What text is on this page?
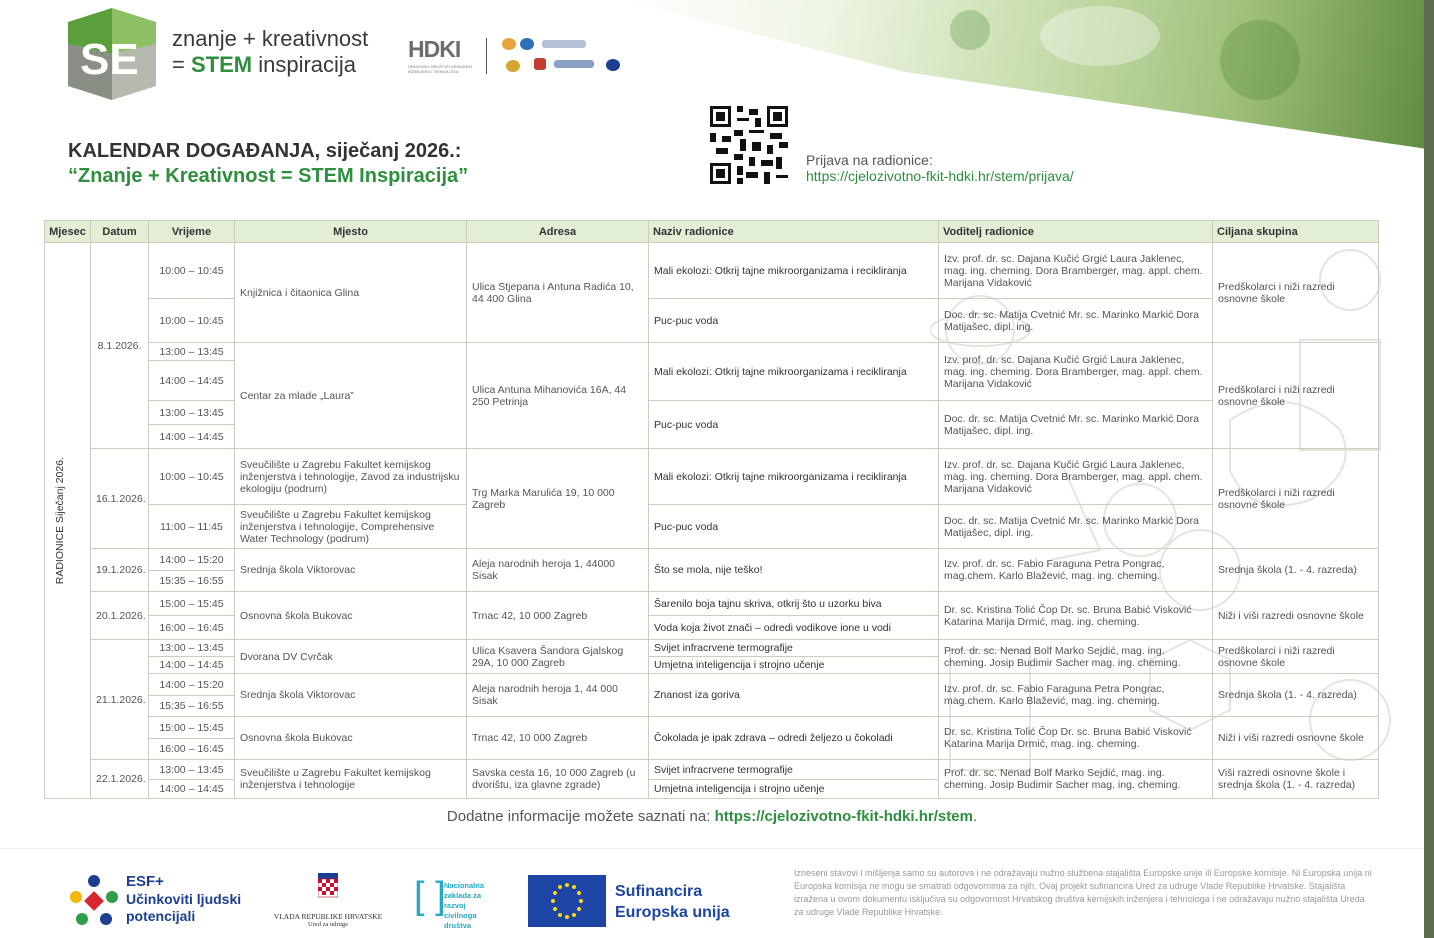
SE znanje + kreativnost
= STEM inspiracija
HDKI
HRVATSKO DRUŠTVO KEMIJSKIH INŽENJERA I TEHNOLOGA
KALENDAR DOGAĐANJA, siječanj 2026.:
“Znanje + Kreativnost = STEM Inspiracija”
Prijava na radionice:
https://cjelozivotno-fkit-hdki.hr/stem/prijava/
Mjesec	Datum	Vrijeme	Mjesto	Adresa	Naziv radionice	Voditelj radionice	Ciljana skupina

RADIONICE Siječanj 2026.	8.1.2026.	10:00 – 10:45	Knjižnica i čitaonica Glina	Ulica Stjepana i Antuna Radića 10, 44 400 Glina	Mali ekolozi: Otkrij tajne mikroorganizama i recikliranja	Izv. prof. dr. sc. Dajana Kučić Grgić Laura Jaklenec, mag. ing. cheming. Dora Bramberger, mag. appl. chem. Marijana Vidaković	Predškolarci i niži razredi osnovne škole
		10:00 – 10:45			Puc-puc voda	Doc. dr. sc. Matija Cvetnić Mr. sc. Marinko Markić Dora Matijašec, dipl. ing.	
		13:00 – 13:45	Centar za mlade „Laura”	Ulica Antuna Mihanovića 16A, 44 250 Petrinja	Mali ekolozi: Otkrij tajne mikroorganizama i recikliranja	Izv. prof. dr. sc. Dajana Kučić Grgić Laura Jaklenec, mag. ing. cheming. Dora Bramberger, mag. appl. chem. Marijana Vidaković	Predškolarci i niži razredi osnovne škole
		14:00 – 14:45					
		13:00 – 13:45			Puc-puc voda	Doc. dr. sc. Matija Cvetnić Mr. sc. Marinko Markić Dora Matijašec, dipl. ing.	
		14:00 – 14:45					
	16.1.2026.	10:00 – 10:45	Sveučilište u Zagrebu Fakultet kemijskog inženjerstva i tehnologije, Zavod za industrijsku ekologiju (podrum)	Trg Marka Marulića 19, 10 000 Zagreb	Mali ekolozi: Otkrij tajne mikroorganizama i recikliranja	Izv. prof. dr. sc. Dajana Kučić Grgić Laura Jaklenec, mag. ing. cheming. Dora Bramberger, mag. appl. chem. Marijana Vidaković	Predškolarci i niži razredi osnovne škole
		11:00 – 11:45	Sveučilište u Zagrebu Fakultet kemijskog inženjerstva i tehnologije, Comprehensive Water Technology (podrum)		Puc-puc voda	Doc. dr. sc. Matija Cvetnić Mr. sc. Marinko Markić Dora Matijašec, dipl. ing.	
	19.1.2026.	14:00 – 15:20	Srednja škola Viktorovac	Aleja narodnih heroja 1, 44000 Sisak	Što se mola, nije teško!	Izv. prof. dr. sc. Fabio Faraguna Petra Pongrac, mag.chem. Karlo Blažević, mag. ing. cheming.	Srednja škola (1. - 4. razreda)
		15:35 – 16:55					
	20.1.2026.	15:00 – 15:45	Osnovna škola Bukovac	Trnac 42, 10 000 Zagreb	Šarenilo boja tajnu skriva, otkrij što u uzorku biva	Dr. sc. Kristina Tolić Čop Dr. sc. Bruna Babić Visković Katarina Marija Drmić, mag. ing. cheming.	Niži i viši razredi osnovne škole
		16:00 – 16:45			Voda koja život znači – odredi vodikove ione u vodi		
	21.1.2026.	13:00 – 13:45	Dvorana DV Cvrčak	Ulica Ksavera Šandora Gjalskog 29A, 10 000 Zagreb	Svijet infracrvene termografije	Prof. dr. sc. Nenad Bolf Marko Sejdić, mag. ing. cheming. Josip Budimir Sacher mag. ing. cheming.	Predškolarci i niži razredi osnovne škole
		14:00 – 14:45			Umjetna inteligencija i strojno učenje		
		14:00 – 15:20	Srednja škola Viktorovac	Aleja narodnih heroja 1, 44 000 Sisak	Znanost iza goriva	Izv. prof. dr. sc. Fabio Faraguna Petra Pongrac, mag.chem. Karlo Blažević, mag. ing. cheming.	Srednja škola (1. - 4. razreda)
		15:35 – 16:55					
		15:00 – 15:45	Osnovna škola Bukovac	Trnac 42, 10 000 Zagreb	Čokolada je ipak zdrava – odredi željezo u čokoladi	Dr. sc. Kristina Tolić Čop Dr. sc. Bruna Babić Visković Katarina Marija Drmić, mag. ing. cheming.	Niži i viši razredi osnovne škole
		16:00 – 16:45					
	22.1.2026.	13:00 – 13:45	Sveučilište u Zagrebu Fakultet kemijskog inženjerstva i tehnologije	Savska cesta 16, 10 000 Zagreb (u dvorištu, iza glavne zgrade)	Svijet infracrvene termografije	Prof. dr. sc. Nenad Bolf Marko Sejdić, mag. ing. cheming. Josip Budimir Sacher mag. ing. cheming.	Viši razredi osnovne škole i srednja škola (1. - 4. razreda)
		14:00 – 14:45			Umjetna inteligencija i strojno učenje		
Dodatne informacije možete saznati na: https://cjelozivotno-fkit-hdki.hr/stem.
ESF+
Učinkoviti ljudski potencijali	VLADA REPUBLIKE HRVATSKE
Ured za udruge
[ ]
Nacionalna zaklada za razvoj civilnoga društva
Sufinancira Europska unija
Izneseni stavovi i mišljenja samo su autorova i ne odražavaju nužno službena stajališta Europske unije ili Europske komisije. Ni Europska unija ni Europska komisija ne mogu se smatrati odgovornima za njih. Ovaj projekt sufinancira Ured za udruge Vlade Republike Hrvatske. Stajališta izražena u ovom dokumentu isključiva su odgovornost Hrvatskog društva kemijskih inženjera i tehnologa i ne odražavaju nužno stajališta Ureda za udruge Vlade Republike Hrvatske.
